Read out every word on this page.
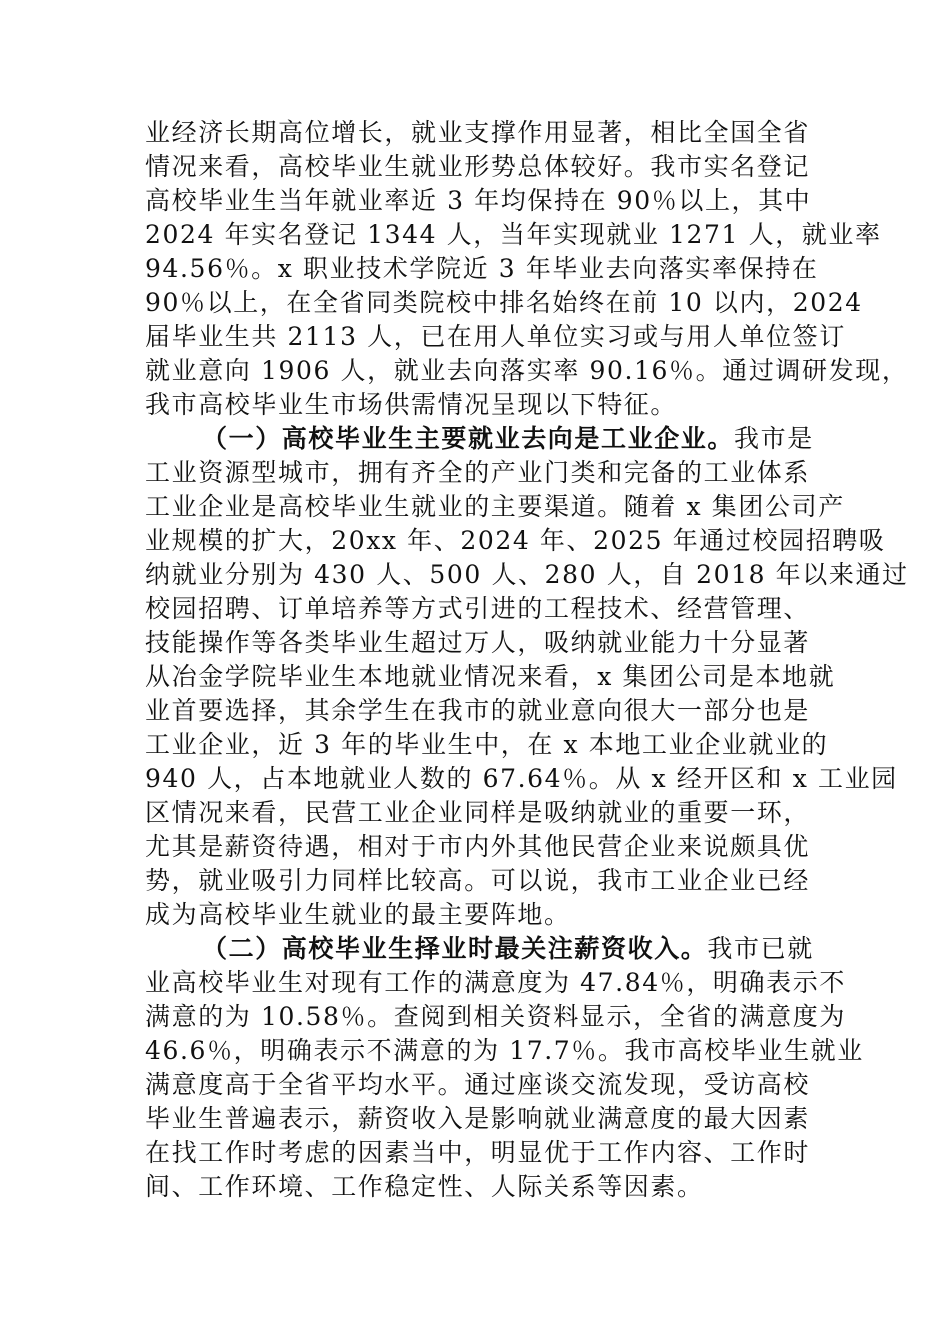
业经济长期高位增长，就业支撑作用显著，相比全国全省
情况来看，高校毕业生就业形势总体较好。我市实名登记
高校毕业生当年就业率近 3 年均保持在 90％以上，其中
2024 年实名登记 1344 人，当年实现就业 1271 人，就业率
94.56％。x 职业技术学院近 3 年毕业去向落实率保持在
90％以上，在全省同类院校中排名始终在前 10 以内，2024
届毕业生共 2113 人，已在用人单位实习或与用人单位签订
就业意向 1906 人，就业去向落实率 90.16％。通过调研发现，
我市高校毕业生市场供需情况呈现以下特征。
（一）高校毕业生主要就业去向是工业企业。我市是
工业资源型城市，拥有齐全的产业门类和完备的工业体系
工业企业是高校毕业生就业的主要渠道。随着 x 集团公司产
业规模的扩大，20xx 年、2024 年、2025 年通过校园招聘吸
纳就业分别为 430 人、500 人、280 人，自 2018 年以来通过
校园招聘、订单培养等方式引进的工程技术、经营管理、
技能操作等各类毕业生超过万人，吸纳就业能力十分显著
从冶金学院毕业生本地就业情况来看，x 集团公司是本地就
业首要选择，其余学生在我市的就业意向很大一部分也是
工业企业，近 3 年的毕业生中，在 x 本地工业企业就业的
940 人，占本地就业人数的 67.64％。从 x 经开区和 x 工业园
区情况来看，民营工业企业同样是吸纳就业的重要一环，
尤其是薪资待遇，相对于市内外其他民营企业来说颇具优
势，就业吸引力同样比较高。可以说，我市工业企业已经
成为高校毕业生就业的最主要阵地。
（二）高校毕业生择业时最关注薪资收入。我市已就
业高校毕业生对现有工作的满意度为 47.84％，明确表示不
满意的为 10.58％。查阅到相关资料显示，全省的满意度为
46.6％，明确表示不满意的为 17.7％。我市高校毕业生就业
满意度高于全省平均水平。通过座谈交流发现，受访高校
毕业生普遍表示，薪资收入是影响就业满意度的最大因素
在找工作时考虑的因素当中，明显优于工作内容、工作时
间、工作环境、工作稳定性、人际关系等因素。
